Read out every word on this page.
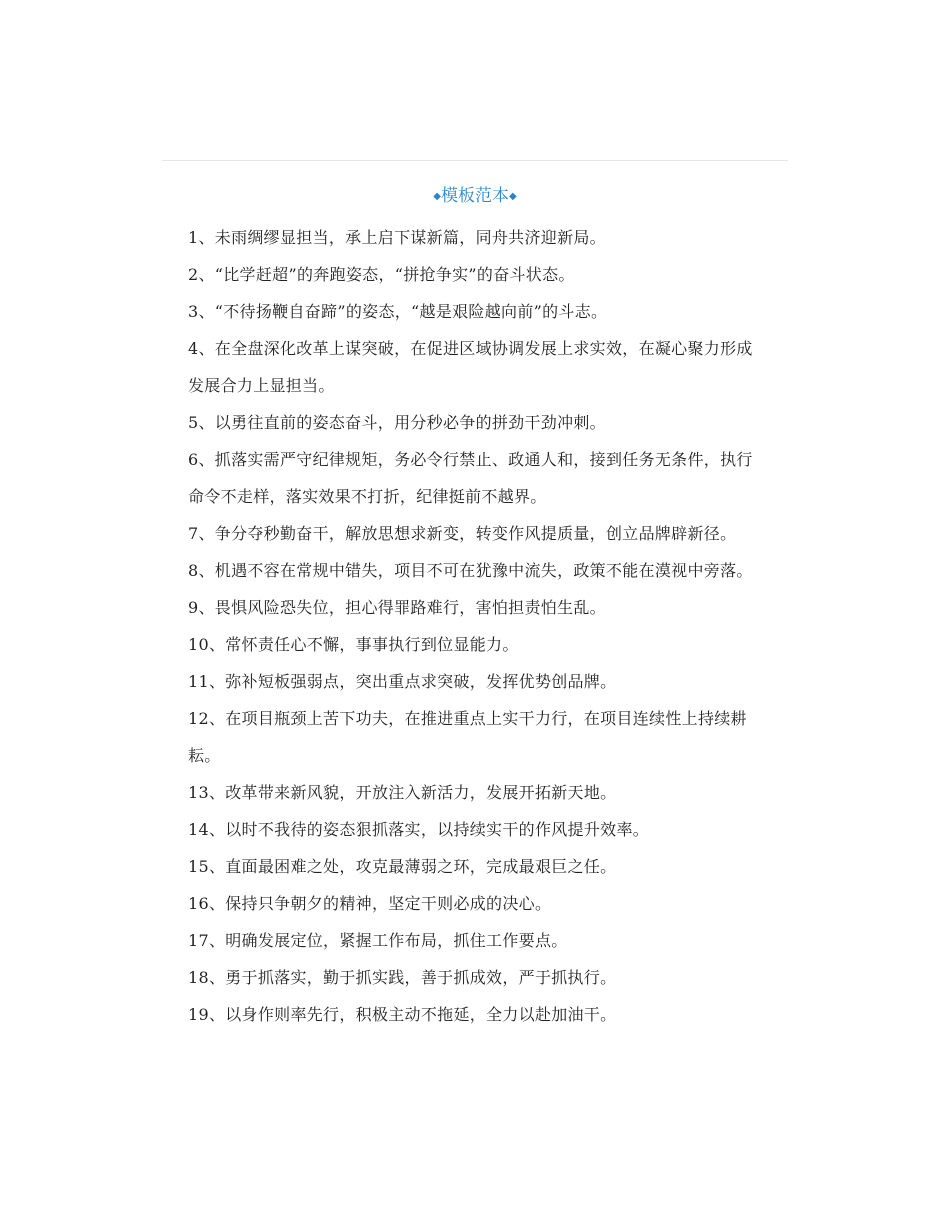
◆模板范本◆

1、未雨绸缪显担当，承上启下谋新篇，同舟共济迎新局。

2、“比学赶超”的奔跑姿态，“拼抢争实”的奋斗状态。

3、“不待扬鞭自奋蹄”的姿态，“越是艰险越向前”的斗志。

4、在全盘深化改革上谋突破，在促进区域协调发展上求实效，在凝心聚力形成发展合力上显担当。

5、以勇往直前的姿态奋斗，用分秒必争的拼劲干劲冲刺。

6、抓落实需严守纪律规矩，务必令行禁止、政通人和，接到任务无条件，执行命令不走样，落实效果不打折，纪律挺前不越界。

7、争分夺秒勤奋干，解放思想求新变，转变作风提质量，创立品牌辟新径。

8、机遇不容在常规中错失，项目不可在犹豫中流失，政策不能在漠视中旁落。

9、畏惧风险恐失位，担心得罪路难行，害怕担责怕生乱。

10、常怀责任心不懈，事事执行到位显能力。

11、弥补短板强弱点，突出重点求突破，发挥优势创品牌。

12、在项目瓶颈上苦下功夫，在推进重点上实干力行，在项目连续性上持续耕耘。

13、改革带来新风貌，开放注入新活力，发展开拓新天地。

14、以时不我待的姿态狠抓落实，以持续实干的作风提升效率。

15、直面最困难之处，攻克最薄弱之环，完成最艰巨之任。

16、保持只争朝夕的精神，坚定干则必成的决心。

17、明确发展定位，紧握工作布局，抓住工作要点。

18、勇于抓落实，勤于抓实践，善于抓成效，严于抓执行。

19、以身作则率先行，积极主动不拖延，全力以赴加油干。
